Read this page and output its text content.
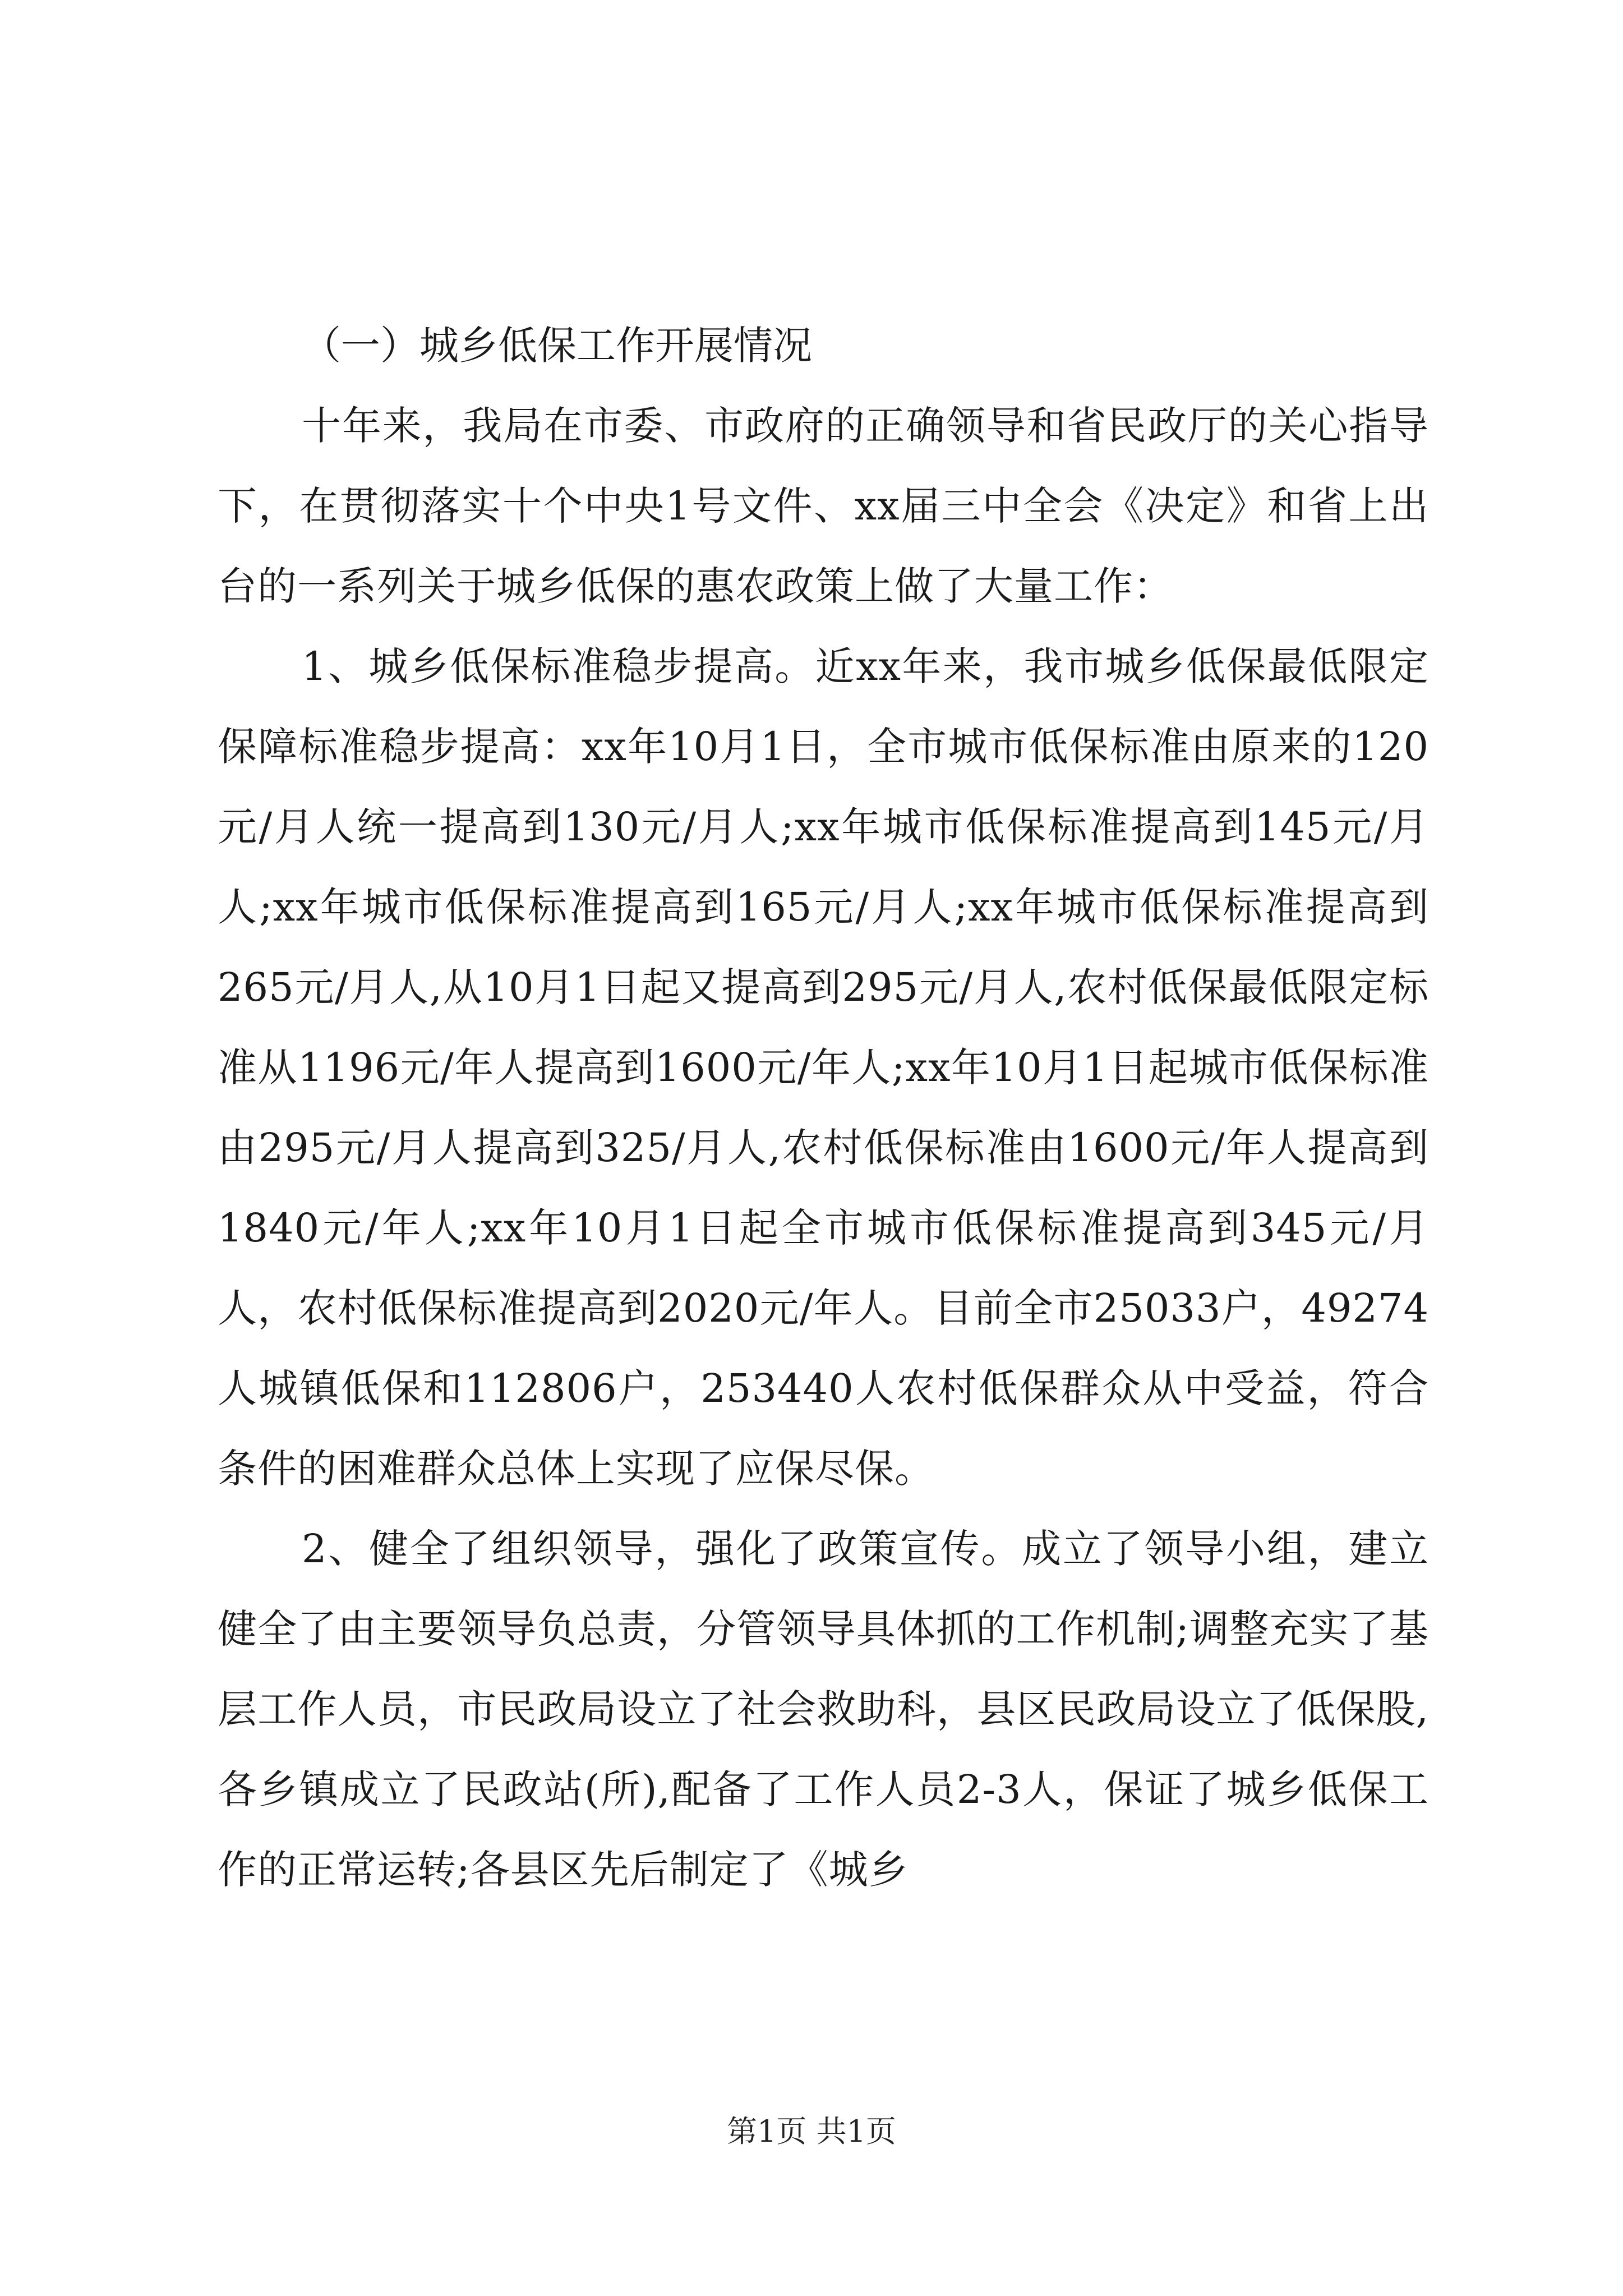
（一）城乡低保工作开展情况

十年来，我局在市委、市政府的正确领导和省民政厅的关心指导下，在贯彻落实十个中央1号文件、xx届三中全会《决定》和省上出台的一系列关于城乡低保的惠农政策上做了大量工作：

1、城乡低保标准稳步提高。近xx年来，我市城乡低保最低限定保障标准稳步提高：xx年10月1日，全市城市低保标准由原来的120元/月人统一提高到130元/月人;xx年城市低保标准提高到145元/月人;xx年城市低保标准提高到165元/月人;xx年城市低保标准提高到265元/月人,从10月1日起又提高到295元/月人,农村低保最低限定标准从1196元/年人提高到1600元/年人;xx年10月1日起城市低保标准由295元/月人提高到325/月人,农村低保标准由1600元/年人提高到1840元/年人;xx年10月1日起全市城市低保标准提高到345元/月人，农村低保标准提高到2020元/年人。目前全市25033户，49274人城镇低保和112806户，253440人农村低保群众从中受益，符合条件的困难群众总体上实现了应保尽保。

2、健全了组织领导，强化了政策宣传。成立了领导小组，建立健全了由主要领导负总责，分管领导具体抓的工作机制;调整充实了基层工作人员，市民政局设立了社会救助科，县区民政局设立了低保股,各乡镇成立了民政站(所),配备了工作人员2-3人，保证了城乡低保工作的正常运转;各县区先后制定了《城乡

第1页 共1页
